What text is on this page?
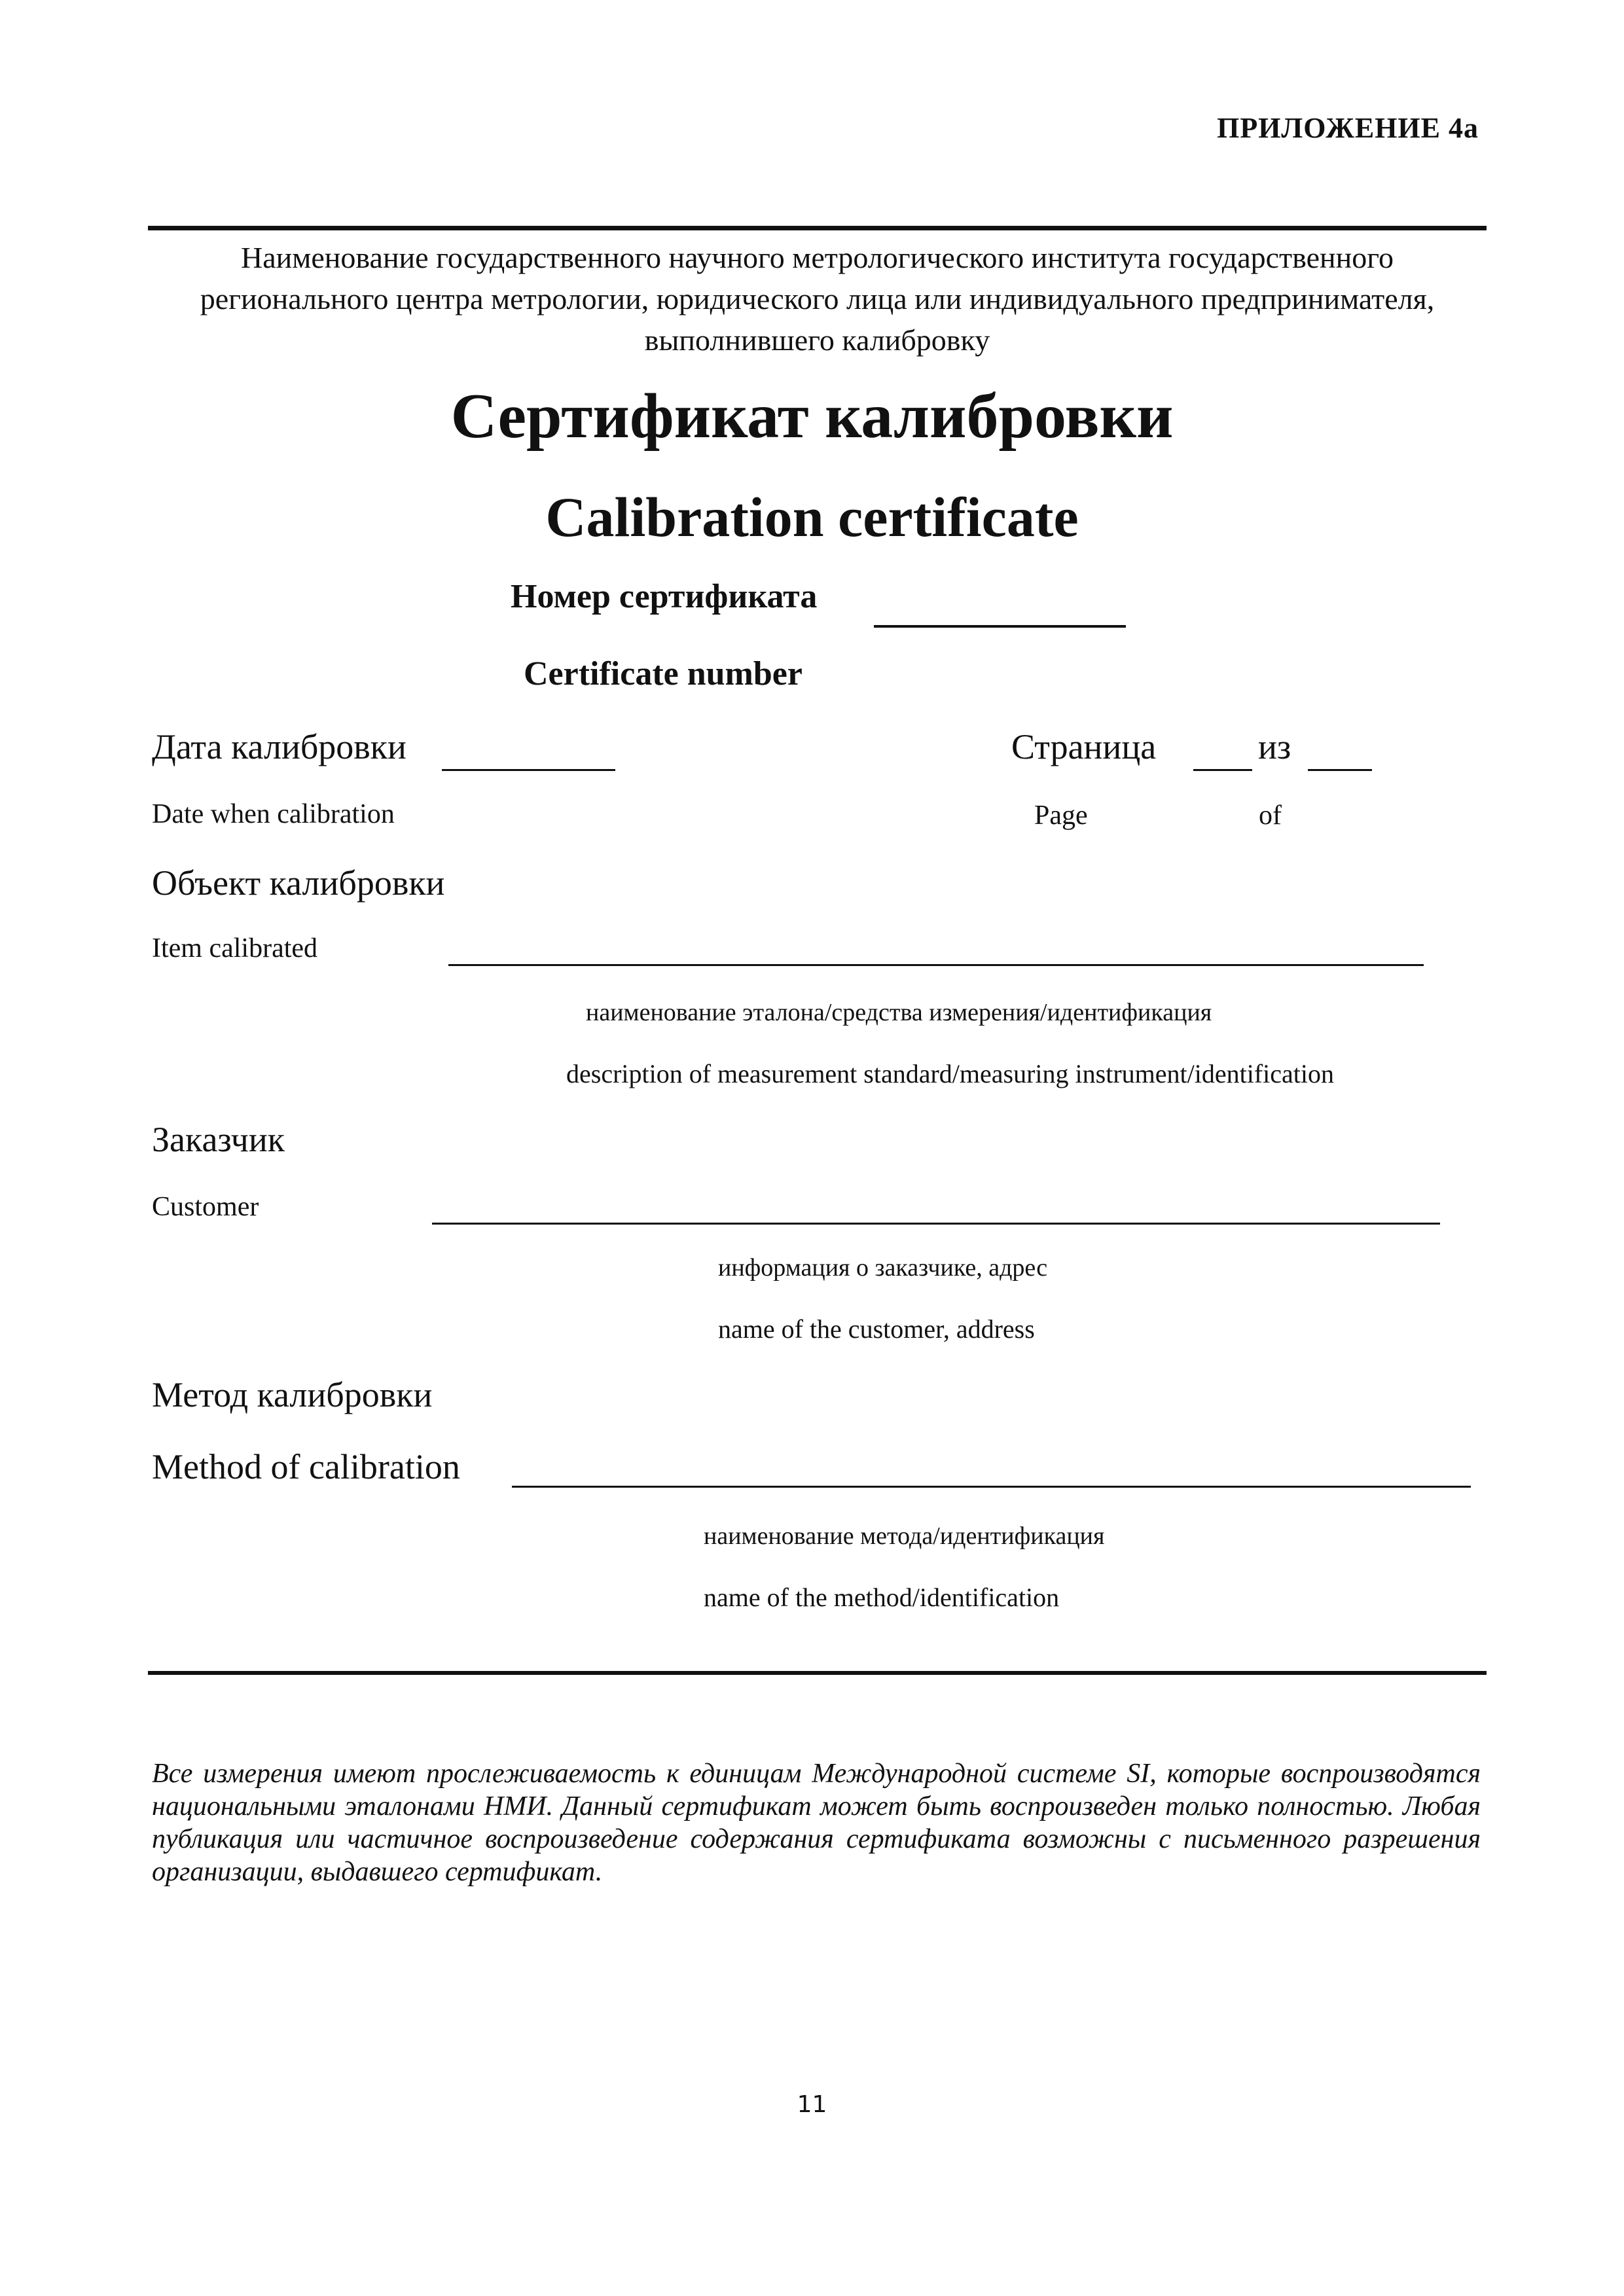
ПРИЛОЖЕНИЕ 4а
Наименование государственного научного метрологического института государственного регионального центра метрологии, юридического лица или индивидуального предпринимателя, выполнившего калибровку
Сертификат калибровки
Calibration certificate
Номер сертификата
Certificate number
Дата калибровки
Date when calibration
Страница	из
Page	of
Объект калибровки
Item calibrated
наименование эталона/средства измерения/идентификация
description of measurement standard/measuring instrument/identification
Заказчик
Customer
информация о заказчике, адрес
name of the customer, address
Метод калибровки
Method of calibration
наименование метода/идентификация
name of the method/identification
Все измерения имеют прослеживаемость к единицам Международной системе SI, которые воспроизводятся национальными эталонами НМИ. Данный сертификат может быть воспроизведен только полностью. Любая публикация или частичное воспроизведение содержания сертификата возможны с письменного разрешения организации, выдавшего сертификат.
11
